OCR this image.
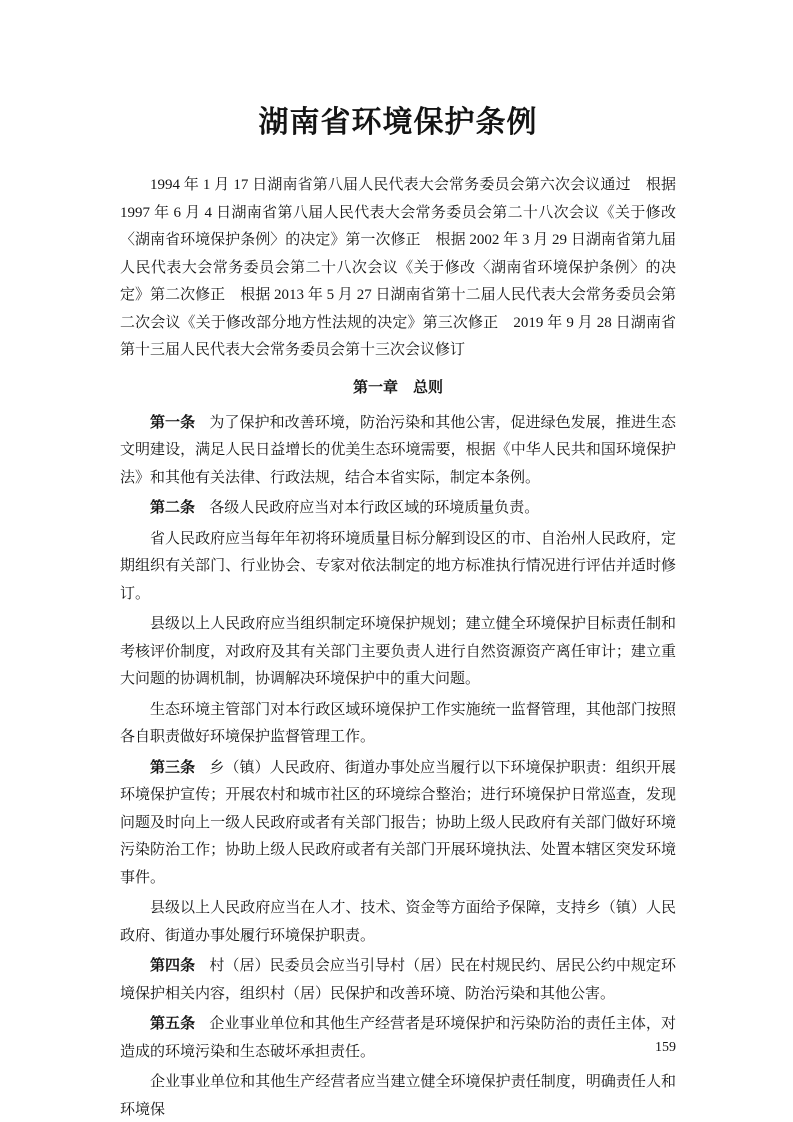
湖南省环境保护条例

1994 年 1 月 17 日湖南省第八届人民代表大会常务委员会第六次会议通过　根据 1997 年 6 月 4 日湖南省第八届人民代表大会常务委员会第二十八次会议《关于修改〈湖南省环境保护条例〉的决定》第一次修正　根据 2002 年 3 月 29 日湖南省第九届人民代表大会常务委员会第二十八次会议《关于修改〈湖南省环境保护条例〉的决定》第二次修正　根据 2013 年 5 月 27 日湖南省第十二届人民代表大会常务委员会第二次会议《关于修改部分地方性法规的决定》第三次修正　2019 年 9 月 28 日湖南省第十三届人民代表大会常务委员会第十三次会议修订

第一章　总则

第一条 为了保护和改善环境，防治污染和其他公害，促进绿色发展，推进生态文明建设，满足人民日益增长的优美生态环境需要，根据《中华人民共和国环境保护法》和其他有关法律、行政法规，结合本省实际，制定本条例。

第二条 各级人民政府应当对本行政区域的环境质量负责。

省人民政府应当每年年初将环境质量目标分解到设区的市、自治州人民政府，定期组织有关部门、行业协会、专家对依法制定的地方标准执行情况进行评估并适时修订。

县级以上人民政府应当组织制定环境保护规划；建立健全环境保护目标责任制和考核评价制度，对政府及其有关部门主要负责人进行自然资源资产离任审计；建立重大问题的协调机制，协调解决环境保护中的重大问题。

生态环境主管部门对本行政区域环境保护工作实施统一监督管理，其他部门按照各自职责做好环境保护监督管理工作。

第三条 乡（镇）人民政府、街道办事处应当履行以下环境保护职责：组织开展环境保护宣传；开展农村和城市社区的环境综合整治；进行环境保护日常巡查，发现问题及时向上一级人民政府或者有关部门报告；协助上级人民政府有关部门做好环境污染防治工作；协助上级人民政府或者有关部门开展环境执法、处置本辖区突发环境事件。

县级以上人民政府应当在人才、技术、资金等方面给予保障，支持乡（镇）人民政府、街道办事处履行环境保护职责。

第四条 村（居）民委员会应当引导村（居）民在村规民约、居民公约中规定环境保护相关内容，组织村（居）民保护和改善环境、防治污染和其他公害。

第五条 企业事业单位和其他生产经营者是环境保护和污染防治的责任主体，对造成的环境污染和生态破坏承担责任。

企业事业单位和其他生产经营者应当建立健全环境保护责任制度，明确责任人和环境保

159
